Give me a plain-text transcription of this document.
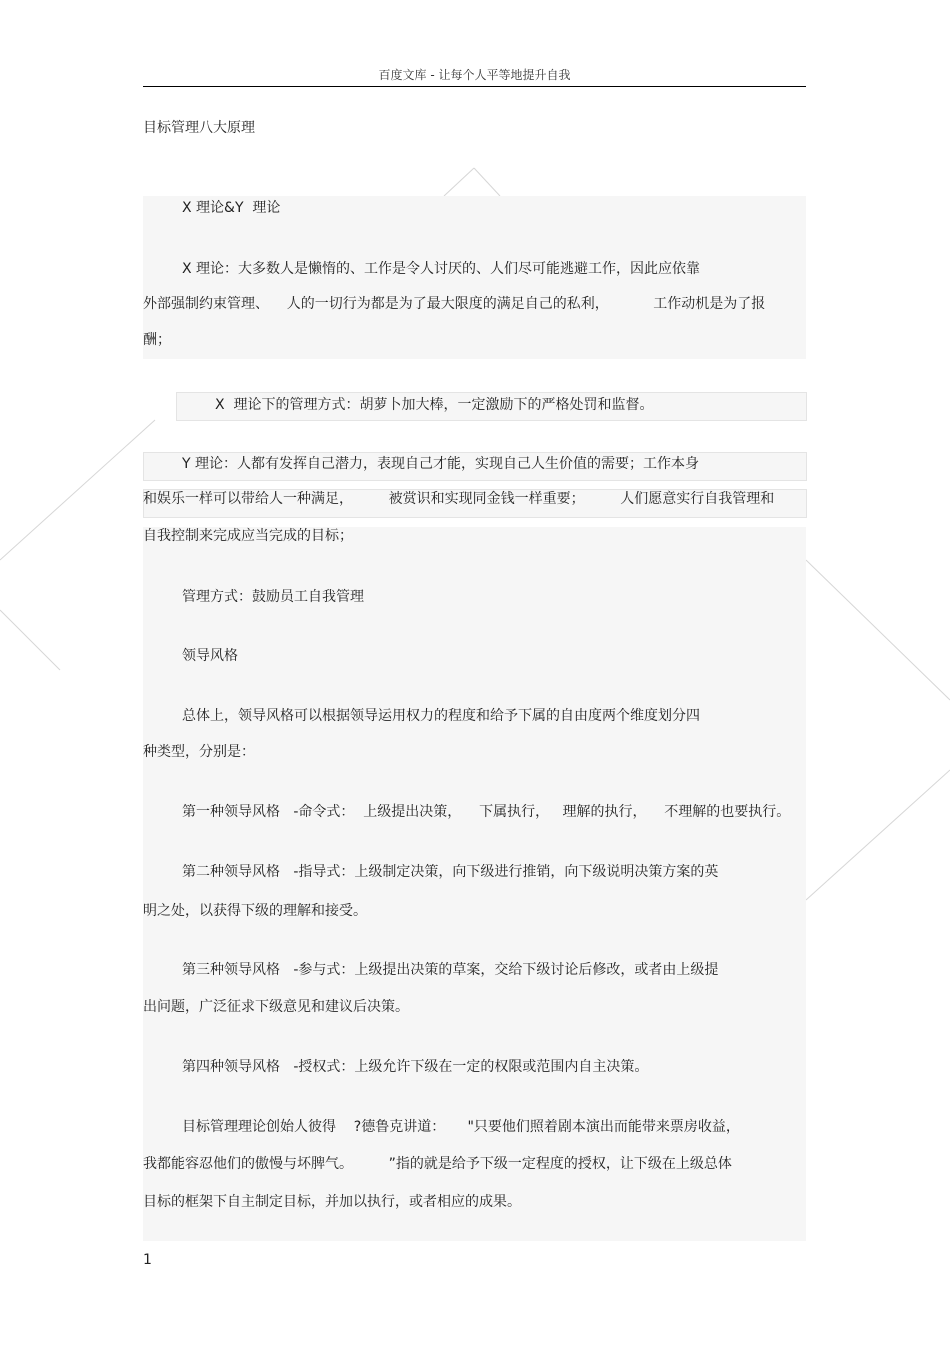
百度文库 - 让每个人平等地提升自我
目标管理八大原理
X 理论&Y  理论
X 理论：大多数人是懒惰的、工作是令人讨厌的、人们尽可能逃避工作，因此应依靠
外部强制约束管理、    人的一切行为都是为了最大限度的满足自己的私利，          工作动机是为了报
酬；
X  理论下的管理方式：胡萝卜加大棒，一定激励下的严格处罚和监督。
Y 理论：人都有发挥自己潜力，表现自己才能，实现自己人生价值的需要；工作本身
和娱乐一样可以带给人一种满足，        被赏识和实现同金钱一样重要；        人们愿意实行自我管理和
自我控制来完成应当完成的目标；
管理方式：鼓励员工自我管理
领导风格
总体上，领导风格可以根据领导运用权力的程度和给予下属的自由度两个维度划分四
种类型，分别是：
第一种领导风格   -命令式：  上级提出决策，    下属执行，   理解的执行，    不理解的也要执行。
第二种领导风格   -指导式：上级制定决策，向下级进行推销，向下级说明决策方案的英
明之处，以获得下级的理解和接受。
第三种领导风格   -参与式：上级提出决策的草案，交给下级讨论后修改，或者由上级提
出问题，广泛征求下级意见和建议后决策。
第四种领导风格   -授权式：上级允许下级在一定的权限或范围内自主决策。
目标管理理论创始人彼得    ?德鲁克讲道：     "只要他们照着剧本演出而能带来票房收益，
我都能容忍他们的傲慢与坏脾气。        ”指的就是给予下级一定程度的授权，让下级在上级总体
目标的框架下自主制定目标，并加以执行，或者相应的成果。
1
